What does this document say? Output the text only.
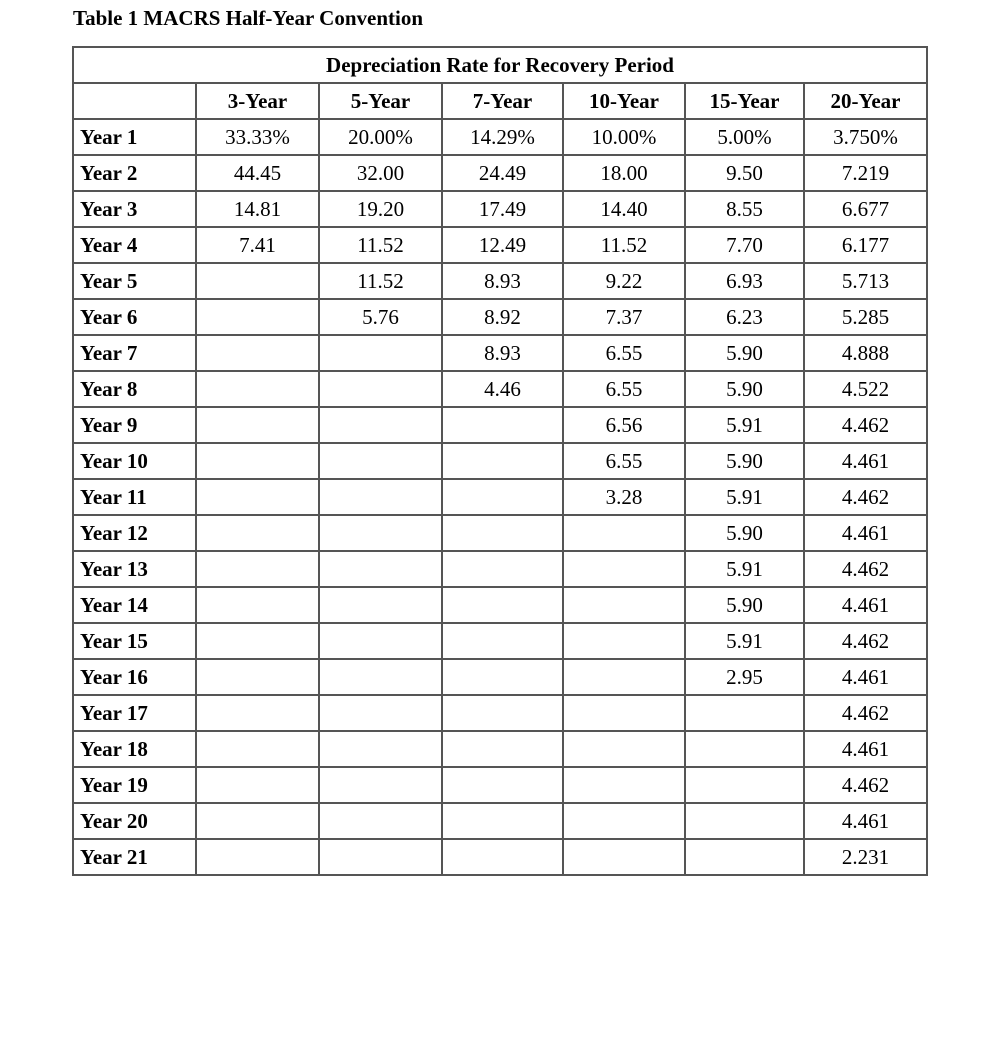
Table 1 MACRS Half-Year Convention
Depreciation Rate for Recovery Period						
	3-Year	5-Year	7-Year	10-Year	15-Year	20-Year
Year 1	33.33%	20.00%	14.29%	10.00%	5.00%	3.750%
Year 2	44.45	32.00	24.49	18.00	9.50	7.219
Year 3	14.81	19.20	17.49	14.40	8.55	6.677
Year 4	7.41	11.52	12.49	11.52	7.70	6.177
Year 5		11.52	8.93	9.22	6.93	5.713
Year 6		5.76	8.92	7.37	6.23	5.285
Year 7			8.93	6.55	5.90	4.888
Year 8			4.46	6.55	5.90	4.522
Year 9				6.56	5.91	4.462
Year 10				6.55	5.90	4.461
Year 11				3.28	5.91	4.462
Year 12					5.90	4.461
Year 13					5.91	4.462
Year 14					5.90	4.461
Year 15					5.91	4.462
Year 16					2.95	4.461
Year 17						4.462
Year 18						4.461
Year 19						4.462
Year 20						4.461
Year 21						2.231
